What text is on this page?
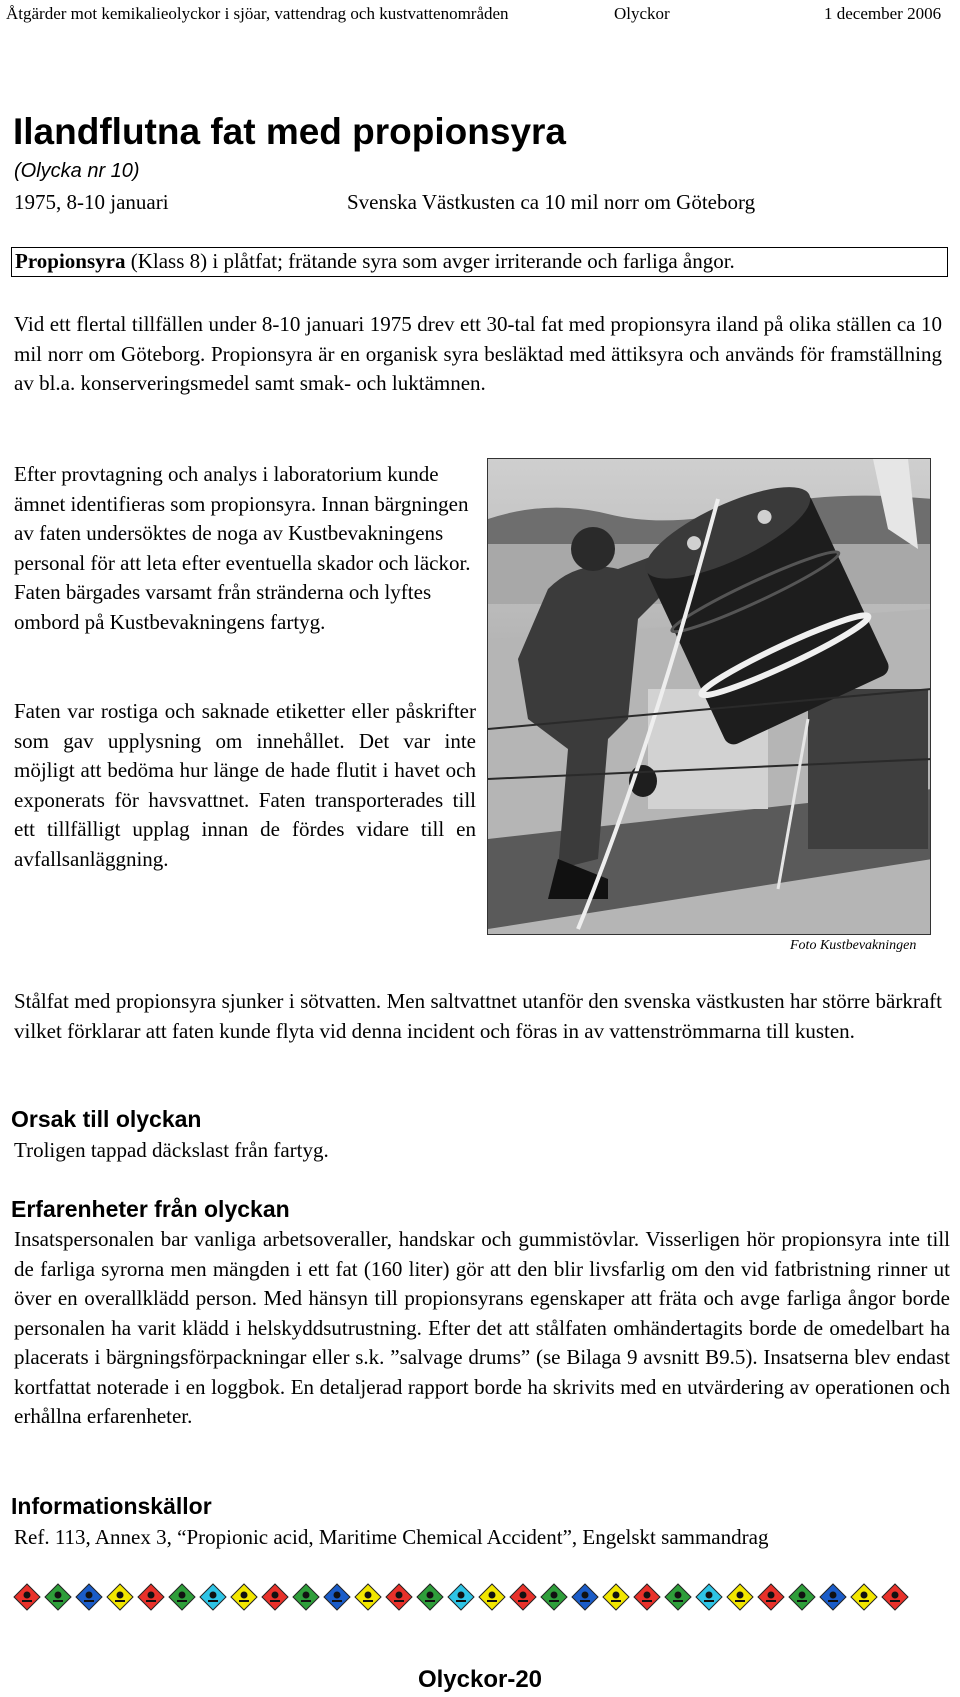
Åtgärder mot kemikalieolyckor i sjöar, vattendrag och kustvattenområden	Olyckor	1 december 2006
Ilandflutna fat med propionsyra
(Olycka nr 10)
1975, 8-10 januari	Svenska Västkusten ca 10 mil norr om Göteborg
Propionsyra (Klass 8) i plåtfat; frätande syra som avger irriterande och farliga ångor.
Vid ett flertal tillfällen under 8-10 januari 1975 drev ett 30-tal fat med propionsyra iland på olika ställen ca 10 mil norr om Göteborg. Propionsyra är en organisk syra besläktad med ättiksyra och används för framställning av bl.a. konserveringsmedel samt smak- och luktämnen.
Efter provtagning och analys i laboratorium kunde ämnet identifieras som propionsyra. Innan bärgningen av faten undersöktes de noga av Kustbevakningens personal för att leta efter eventuella skador och läckor. Faten bärgades varsamt från stränderna och lyftes ombord på Kustbevakningens fartyg.
Faten var rostiga och saknade etiketter eller påskrifter som gav upplysning om innehållet. Det var inte möjligt att bedöma hur länge de hade flutit i havet och exponerats för havsvattnet. Faten transporterades till ett tillfälligt upplag innan de fördes vidare till en avfallsanläggning.
Foto Kustbevakningen
Stålfat med propionsyra sjunker i sötvatten. Men saltvattnet utanför den svenska västkusten har större bärkraft vilket förklarar att faten kunde flyta vid denna incident och föras in av vattenströmmarna till kusten.
Orsak till olyckan
Troligen tappad däckslast från fartyg.
Erfarenheter från olyckan
Insatspersonalen bar vanliga arbetsoveraller, handskar och gummistövlar. Visserligen hör propionsyra inte till de farliga syrorna men mängden i ett fat (160 liter) gör att den blir livsfarlig om den vid fatbristning rinner ut över en overallklädd person. Med hänsyn till propionsyrans egenskaper att fräta och avge farliga ångor borde personalen ha varit klädd i helskyddsutrustning. Efter det att stålfaten omhändertagits borde de omedelbart ha placerats i bärgningsförpackningar eller s.k. ”salvage drums” (se Bilaga 9 avsnitt B9.5). Insatserna blev endast kortfattat noterade i en loggbok. En detaljerad rapport borde ha skrivits med en utvärdering av operationen och erhållna erfarenheter.
Informationskällor
Ref. 113, Annex 3, “Propionic acid, Maritime Chemical Accident”, Engelskt sammandrag
Olyckor-20
